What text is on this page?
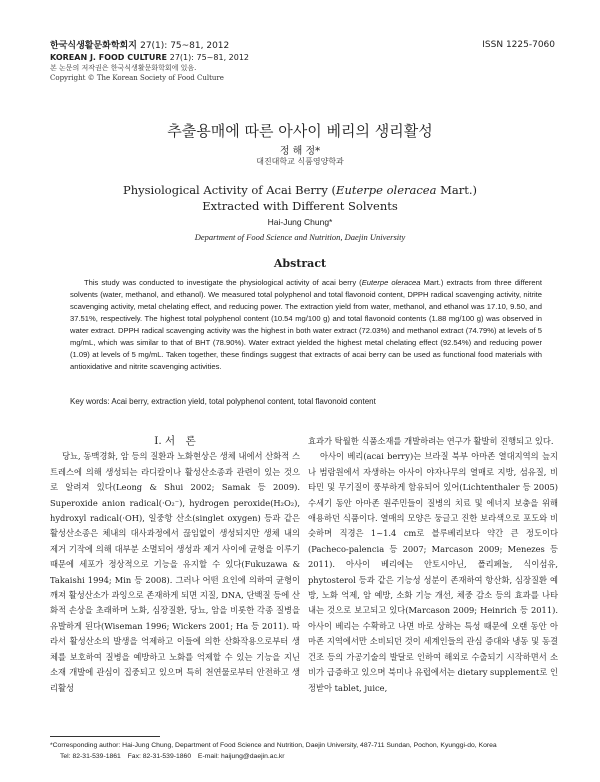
한국식생활문화학회지 27(1): 75~81, 2012
KOREAN J. FOOD CULTURE 27(1): 75~81, 2012
본 논문의 저작권은 한국식생활문화학회에 있음.
Copyright © The Korean Society of Food Culture
ISSN 1225-7060
추출용매에 따른 아사이 베리의 생리활성
정 해 정*
대진대학교 식품영양학과
Physiological Activity of Acai Berry (Euterpe oleracea Mart.)
Extracted with Different Solvents
Hai-Jung Chung*
Department of Food Science and Nutrition, Daejin University
Abstract
This study was conducted to investigate the physiological activity of acai berry (Euterpe oleracea Mart.) extracts from three different solvents (water, methanol, and ethanol). We measured total polyphenol and total flavonoid content, DPPH radical scavenging activity, nitrite scavenging activity, metal chelating effect, and reducing power. The extraction yield from water, methanol, and ethanol was 17.10, 9.50, and 37.51%, respectively. The highest total polyphenol content (10.54 mg/100 g) and total flavonoid contents (1.88 mg/100 g) was observed in water extract. DPPH radical scavenging activity was the highest in both water extract (72.03%) and methanol extract (74.79%) at levels of 5 mg/mL, which was similar to that of BHT (78.90%). Water extract yielded the highest metal chelating effect (92.54%) and reducing power (1.09) at levels of 5 mg/mL. Taken together, these findings suggest that extracts of acai berry can be used as functional food materials with antioxidative and nitrite scavenging activities.
Key words: Acai berry, extraction yield, total polyphenol content, total flavonoid content

Ⅰ. 서　론

당뇨, 동맥경화, 암 등의 질환과 노화현상은 생체 내에서 산화적 스트레스에 의해 생성되는 라디칼이나 활성산소종과 관련이 있는 것으로 알려져 있다(Leong & Shui 2002; Samak 등 2009). Superoxide anion radical(·O₂⁻), hydrogen peroxide(H₂O₂), hydroxyl radical(·OH), 일중항 산소(singlet oxygen) 등과 같은 활성산소종은 체내의 대사과정에서 끊임없이 생성되지만 생체 내의 제거 기작에 의해 대부분 소멸되어 생성과 제거 사이에 균형을 이루기 때문에 세포가 정상적으로 기능을 유지할 수 있다(Fukuzawa & Takaishi 1994; Min 등 2008). 그러나 어떤 요인에 의하여 균형이 깨져 활성산소가 과잉으로 존재하게 되면 지질, DNA, 단백질 등에 산화적 손상을 초래하며 노화, 심장질환, 당뇨, 암을 비롯한 각종 질병을 유발하게 된다(Wiseman 1996; Wickers 2001; Ha 등 2011). 따라서 활성산소의 발생을 억제하고 이들에 의한 산화작용으로부터 생체를 보호하여 질병을 예방하고 노화를 억제할 수 있는 기능을 지닌 소재 개발에 관심이 집중되고 있으며 특히 천연물로부터 안전하고 생리활성

효과가 탁월한 식품소재를 개발하려는 연구가 활발히 진행되고 있다.

아사이 베리(acai berry)는 브라질 북부 아마존 열대지역의 늪지나 범람원에서 자생하는 아사이 야자나무의 열매로 지방, 섬유질, 비타민 및 무기질이 풍부하게 함유되어 있어(Lichtenthaler 등 2005) 수세기 동안 아마존 원주민들이 질병의 치료 및 에너지 보충을 위해 애용하던 식품이다. 열매의 모양은 둥글고 진한 보라색으로 포도와 비슷하며 직경은 1~1.4 cm로 블루베리보다 약간 큰 정도이다(Pacheco-palencia 등 2007; Marcason 2009; Menezes 등 2011). 아사이 베리에는 안토시아닌, 폴리페놀, 식이섬유, phytosterol 등과 같은 기능성 성분이 존재하여 항산화, 심장질환 예방, 노화 억제, 암 예방, 소화 기능 개선, 체중 감소 등의 효과를 나타내는 것으로 보고되고 있다(Marcason 2009; Heinrich 등 2011). 아사이 베리는 수확하고 나면 바로 상하는 특성 때문에 오랜 동안 아마존 지역에서만 소비되던 것이 세계인들의 관심 증대와 냉동 및 동결건조 등의 가공기술의 발달로 인하여 해외로 수출되기 시작하면서 소비가 급증하고 있으며 북미나 유럽에서는 dietary supplement로 인정받아 tablet, juice,

*Corresponding author: Hai-Jung Chung, Department of Food Science and Nutrition, Daejin University, 487-711 Sundan, Pochon, Kyunggi-do, Korea
Tel: 82-31-539-1861　Fax: 82-31-539-1860　E-mail: haijung@daejin.ac.kr
